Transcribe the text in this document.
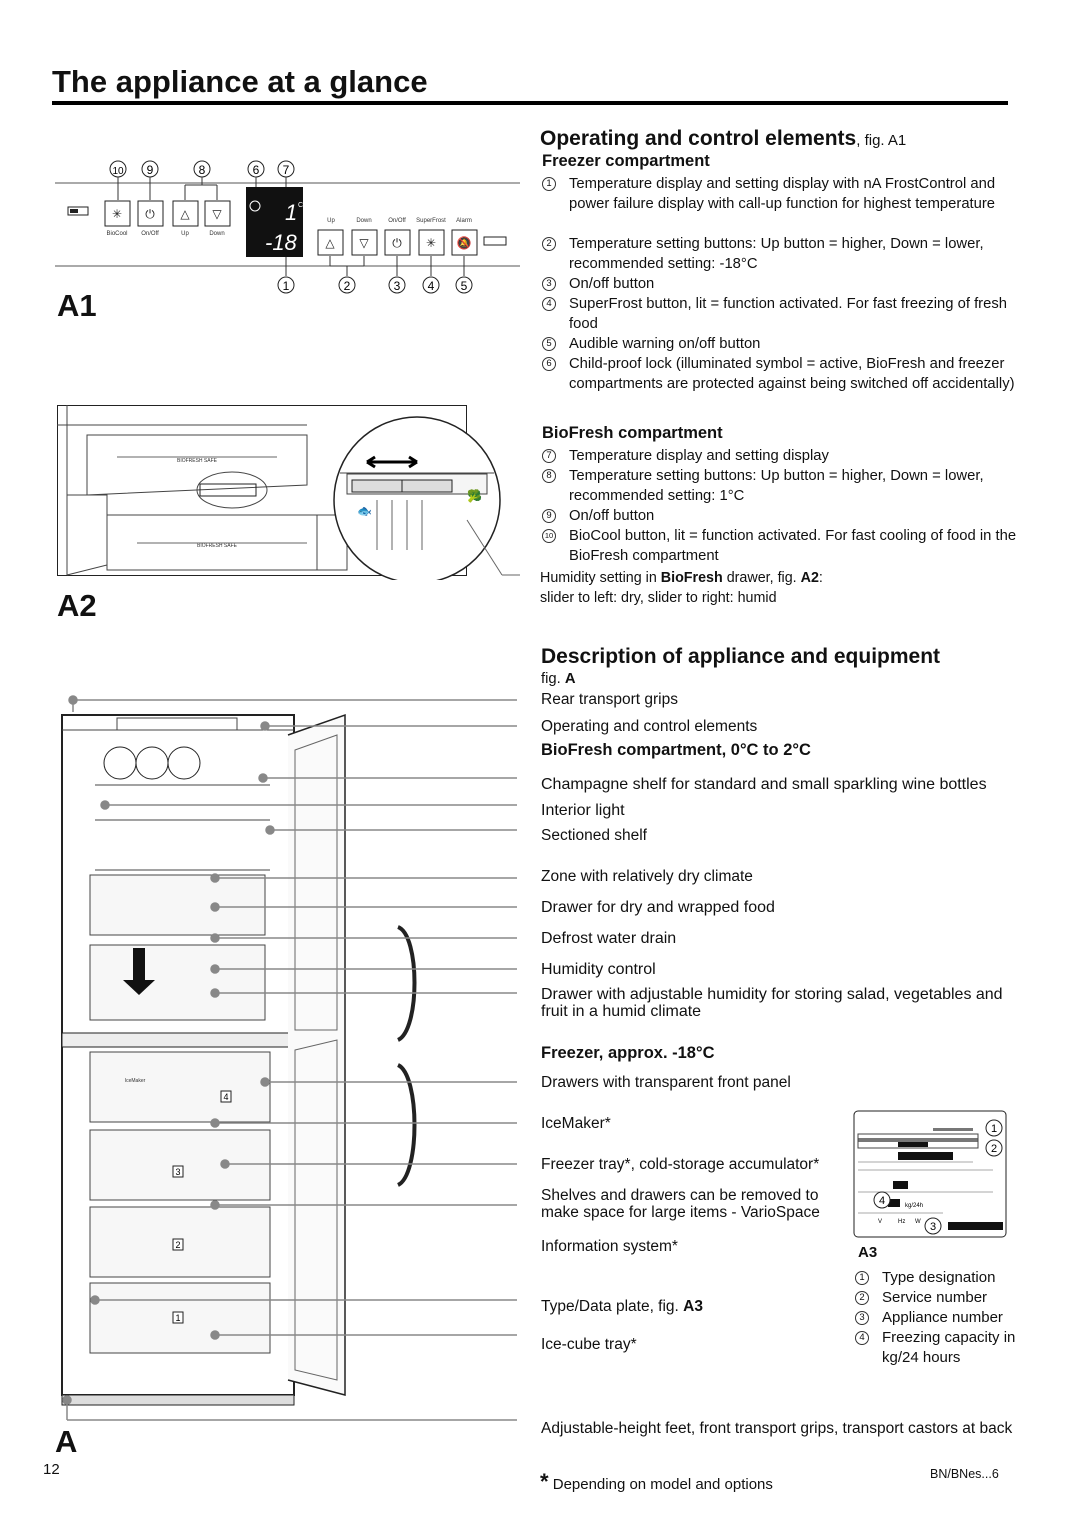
The appliance at a glance
A1
A2
A
10 9	8	6 7
✳ ⏻ △ ▽
BioCool On/Off	Up	Down
1 C
-18
Up	Down	On/Off SuperFrost Alarm
△ ▽ ⏻ ✳ 🔕
1	2	3 4 5
BIOFRESH SAFE
BIOFRESH SAFE
🐟
🥦
4
3
2
1
IceMaker
Operating and control elements, fig. A1
Freezer compartment
1 Temperature display and setting display with nA FrostControl and power failure display with call-up function for highest temperature
2 Temperature setting buttons: Up button = higher, Down = lower, recommended setting: -18°C
3 On/off button
4 SuperFrost button, lit = function activated. For fast freezing of fresh food
5 Audible warning on/off button
6 Child-proof lock (illuminated symbol = active, BioFresh and freezer compartments are protected against being switched off accidentally)
BioFresh compartment
7 Temperature display and setting display
8 Temperature setting buttons: Up button = higher, Down = lower, recommended setting: 1°C
9 On/off button
10 BioCool button, lit = function activated. For fast cooling of food in the BioFresh compartment
Humidity setting in BioFresh drawer, fig. A2:
slider to left: dry, slider to right: humid
Description of appliance and equipment
fig. A
Rear transport grips
Operating and control elements
BioFresh compartment, 0°C to 2°C
Champagne shelf for standard and small sparkling wine bottles
Interior light
Sectioned shelf
Zone with relatively dry climate
Drawer for dry and wrapped food
Defrost water drain
Humidity control
Drawer with adjustable humidity for storing salad, vegetables and fruit in a humid climate
Freezer, approx. -18°C
Drawers with transparent front panel
IceMaker*
Freezer tray*, cold-storage accumulator*
Shelves and drawers can be removed to make space for large items - VarioSpace
Information system*
Type/Data plate, fig. A3
Ice-cube tray*
Adjustable-height feet, front transport grips, transport castors at back
1
2
4
3
kg/24h
V	Hz W
A3
1 Type designation
2 Service number
3 Appliance number
4 Freezing capacity in kg/24 hours
12	* Depending on model and options
BN/BNes...6
